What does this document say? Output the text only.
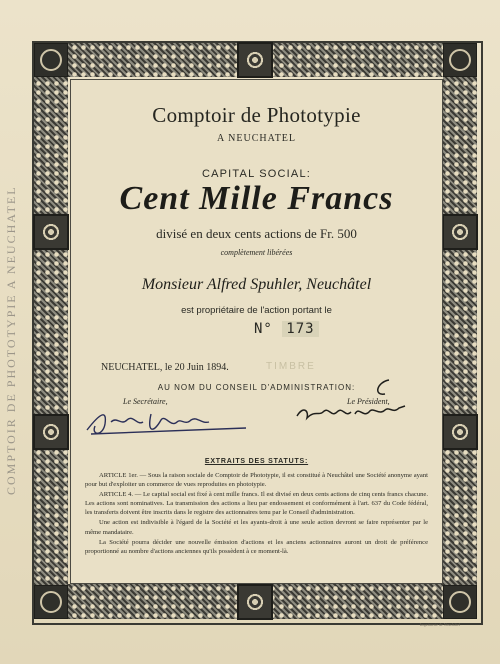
COMPTOIR DE PHOTOTYPIE A NEUCHATEL

Comptoir de Phototypie

A NEUCHATEL

CAPITAL SOCIAL:

Cent Mille Francs

divisé en deux cents actions de Fr. 500

complètement libérées

Monsieur Alfred Spuhler, Neuchâtel

est propriétaire de l'action portant le

N° 173
NEUCHATEL, le 20 Juin 1894.	TIMBRE

AU NOM DU CONSEIL D'ADMINISTRATION:

Le Secrétaire,	Le Président,

EXTRAITS DES STATUTS:

ARTICLE 1er. — Sous la raison sociale de Comptoir de Phototypie, il est constitué à Neuchâtel une Société anonyme ayant pour but d'exploiter un commerce de vues reproduites en phototypie.

ARTICLE 4. — Le capital social est fixé à cent mille francs. Il est divisé en deux cents actions de cinq cents francs chacune. Les actions sont nominatives. La transmission des actions a lieu par endossement et conformément à l'art. 637 du Code fédéral, les transferts doivent être inscrits dans le registre des actionnaires tenu par le Conseil d'administration.

Une action est indivisible à l'égard de la Société et les ayants-droit à une seule action devront se faire représenter par le même mandataire.

La Société pourra décider une nouvelle émission d'actions et les anciens actionnaires auront un droit de préférence proportionné au nombre d'actions anciennes qu'ils possèdent à ce moment-là.

Imprimerie de Neuchâtel
